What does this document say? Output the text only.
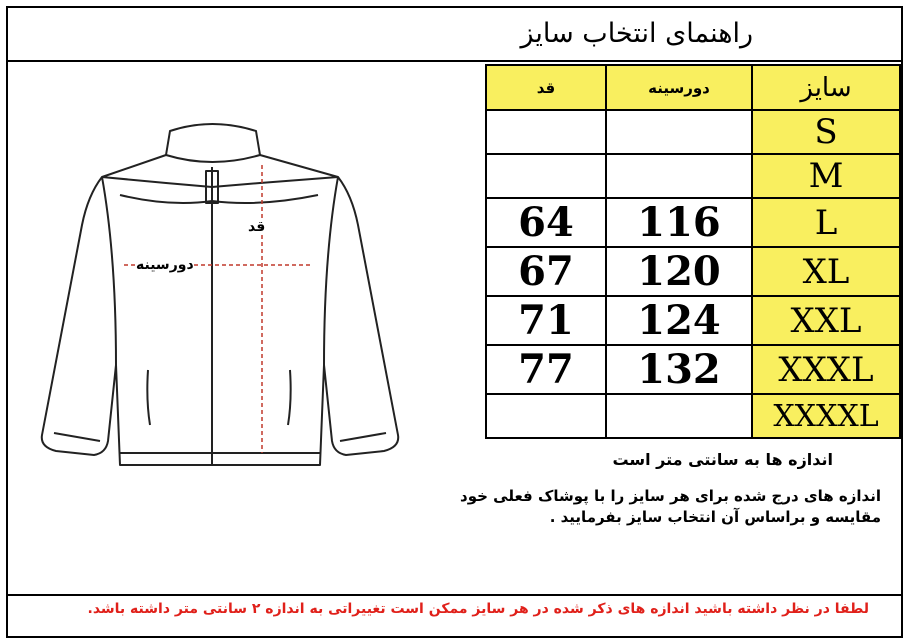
راهنمای انتخاب سایز
قد	دورسینه	سایز
		S
		M
64	116	L
67	120	XL
71	124	XXL
77	132	XXXL
		XXXXL
قد
دورسینه
اندازه ها به سانتی متر است
اندازه های درج شده برای هر سایز را با پوشاک فعلی خود مقایسه و براساس آن انتخاب سایز بفرمایید .
لطفا در نظر داشته باشید اندازه های ذکر شده در هر سایز ممکن است تغییراتی به اندازه ۲ سانتی متر داشته باشد.
